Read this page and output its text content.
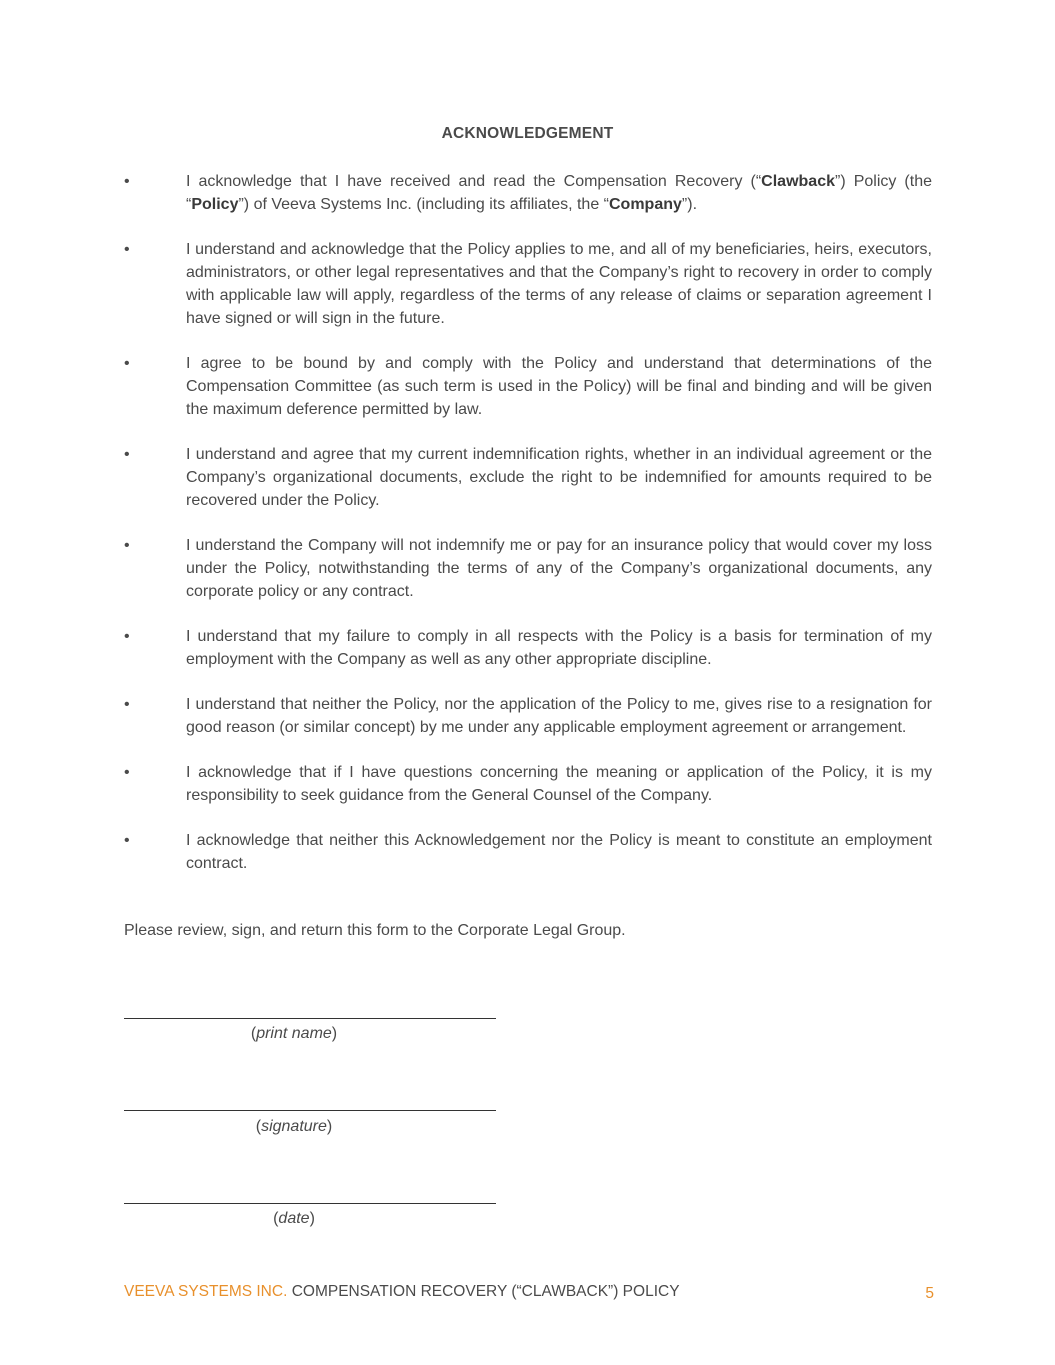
ACKNOWLEDGEMENT
•	I acknowledge that I have received and read the Compensation Recovery (“Clawback”) Policy (the “Policy”) of Veeva Systems Inc. (including its affiliates, the “Company”).
•	I understand and acknowledge that the Policy applies to me, and all of my beneficiaries, heirs, executors, administrators, or other legal representatives and that the Company’s right to recovery in order to comply with applicable law will apply, regardless of the terms of any release of claims or separation agreement I have signed or will sign in the future.
•	I agree to be bound by and comply with the Policy and understand that determinations of the Compensation Committee (as such term is used in the Policy) will be final and binding and will be given the maximum deference permitted by law.
•	I understand and agree that my current indemnification rights, whether in an individual agreement or the Company’s organizational documents, exclude the right to be indemnified for amounts required to be recovered under the Policy.
•	I understand the Company will not indemnify me or pay for an insurance policy that would cover my loss under the Policy, notwithstanding the terms of any of the Company’s organizational documents, any corporate policy or any contract.
•	I understand that my failure to comply in all respects with the Policy is a basis for termination of my employment with the Company as well as any other appropriate discipline.
•	I understand that neither the Policy, nor the application of the Policy to me, gives rise to a resignation for good reason (or similar concept) by me under any applicable employment agreement or arrangement.
•	I acknowledge that if I have questions concerning the meaning or application of the Policy, it is my responsibility to seek guidance from the General Counsel of the Company.
•	I acknowledge that neither this Acknowledgement nor the Policy is meant to constitute an employment contract.
Please review, sign, and return this form to the Corporate Legal Group.
(print name)
(signature)
(date)
VEEVA SYSTEMS INC. COMPENSATION RECOVERY (“CLAWBACK”) POLICY	5
